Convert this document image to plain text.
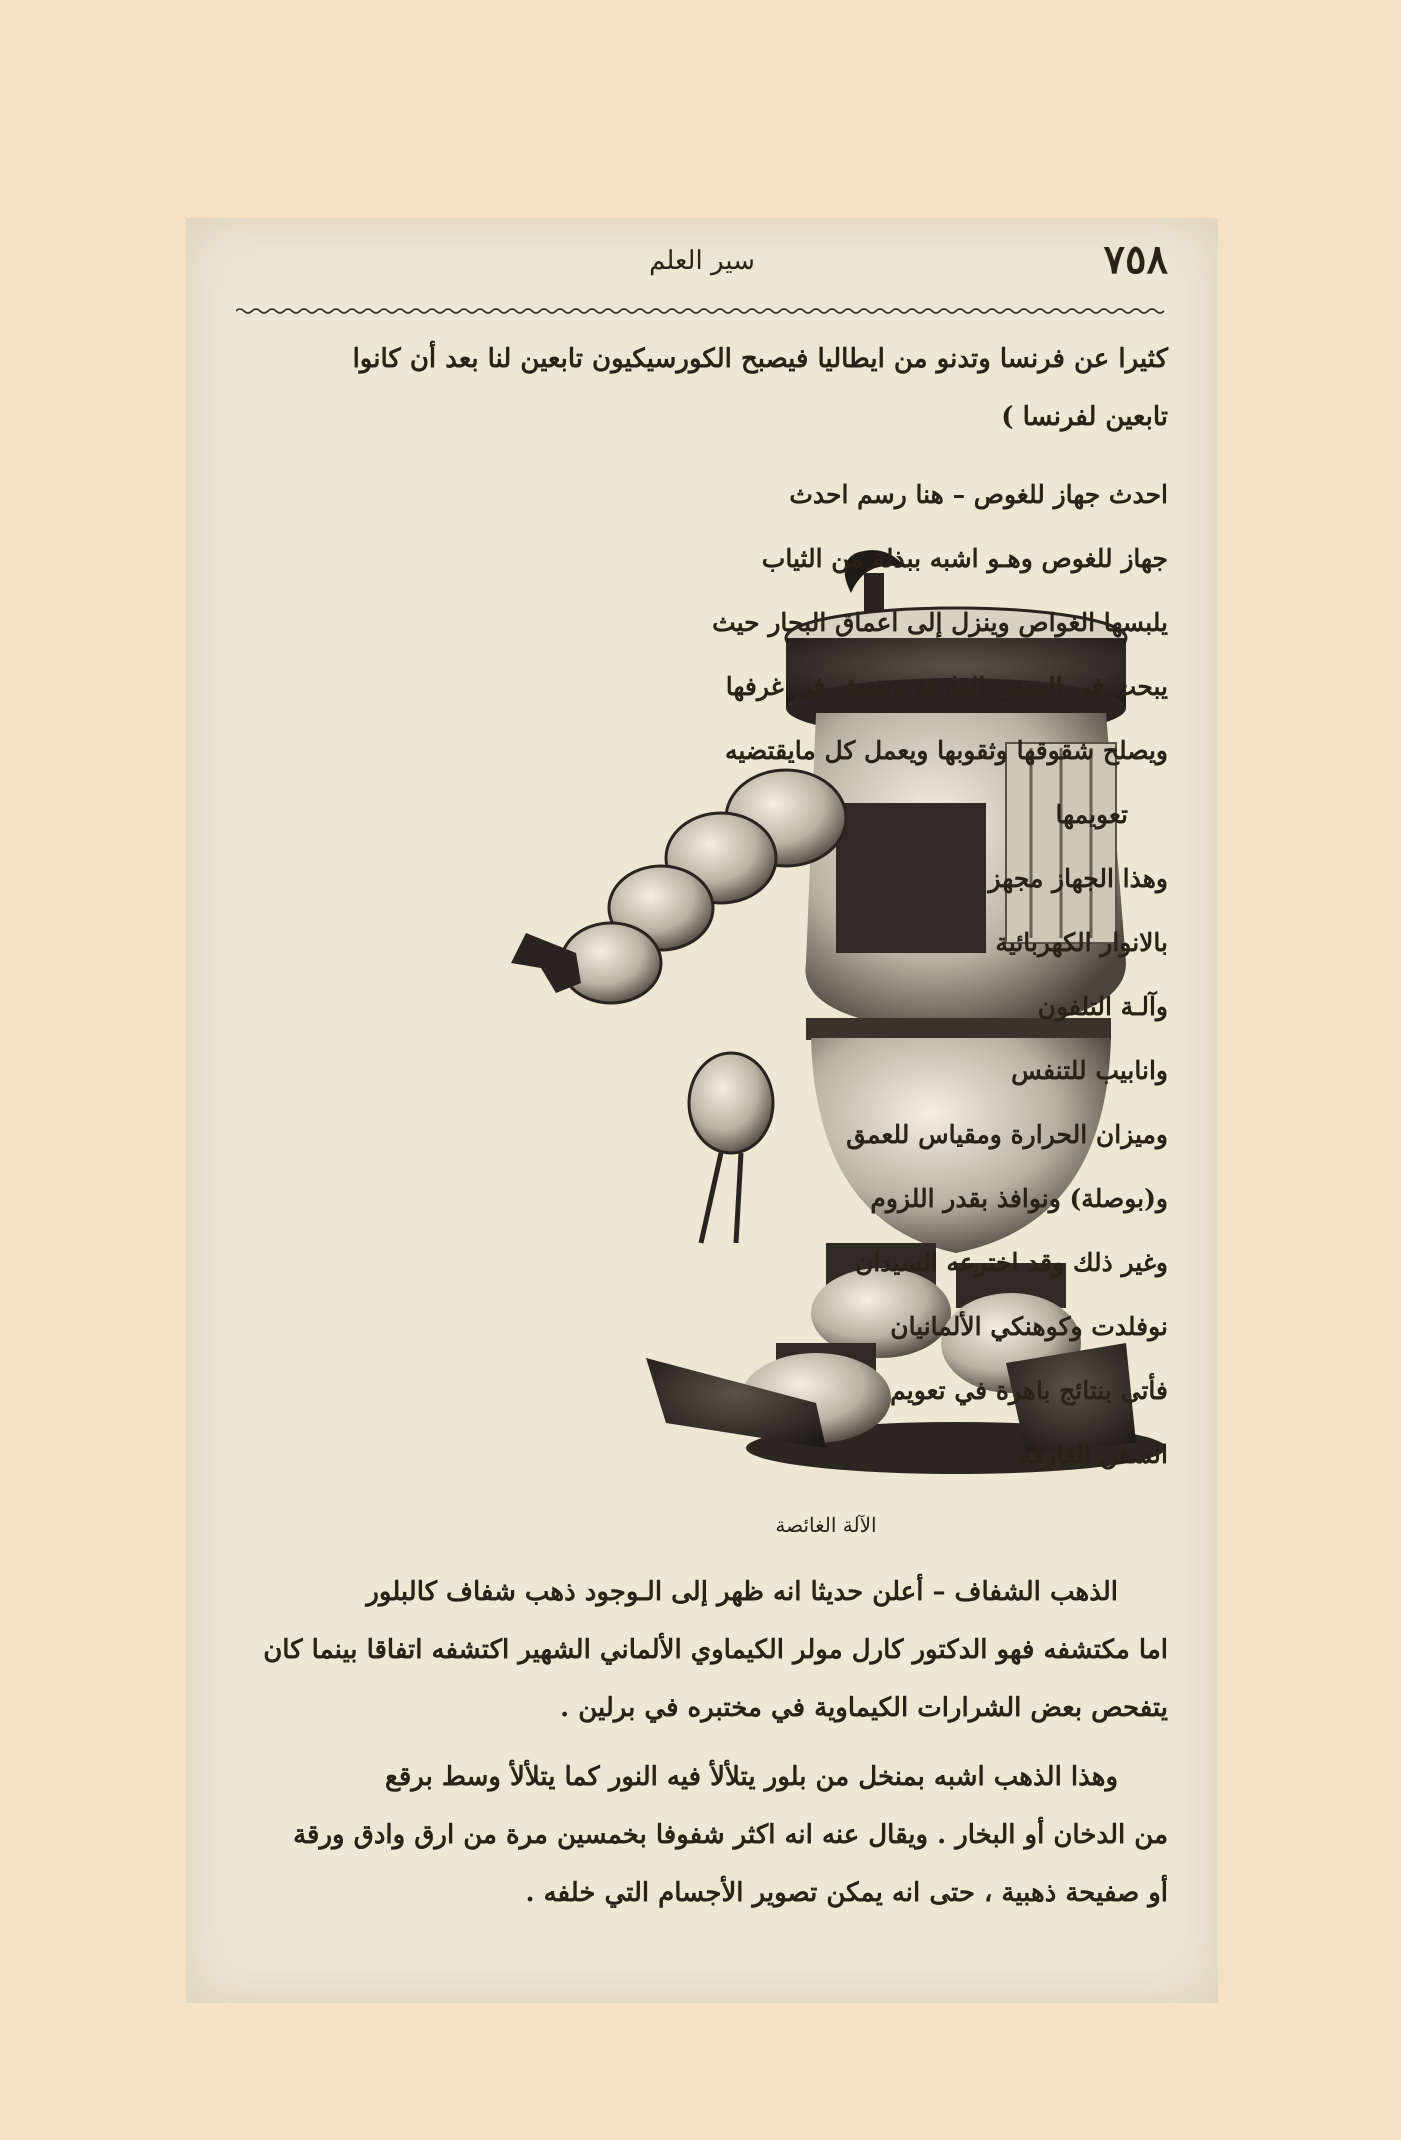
٧٥٨
سير العلم
كثيرا عن فرنسا وتدنو من ايطاليا فيصبح الكورسيكيون تابعين لنا بعد أن كانوا
تابعين لفرنسا )
احدث جهاز للغوص – هنا رسم احدث
جهاز للغوص وهـو اشبه ببذلة من الثياب
يلبسها الغواص وينزل إلى اعماق البحار حيث
يبحث في السفن الغارقة ويفتش في غرفها
ويصلح شقوقها وثقوبها ويعمل كل مايقتضيه
تعويمها
وهذا الجهاز مجهز
بالانوار الكهربائية
وآلـة التلفون
وانابيب للتنفس
وميزان الحرارة ومقياس للعمق
و(بوصلة) ونوافذ بقدر اللزوم
وغير ذلك وقد اخترعه السيدان
نوفلدت وكوهنكي الألمانيان
فأتى بنتائج باهرة في تعويم
السفن الغارقة
الآلة الغائصة
الذهب الشفاف – أعلن حديثا انه ظهر إلى الـوجود ذهب شفاف كالبلور
اما مكتشفه فهو الدكتور كارل مولر الكيماوي الألماني الشهير اكتشفه اتفاقا بينما كان
يتفحص بعض الشرارات الكيماوية في مختبره في برلين .
وهذا الذهب اشبه بمنخل من بلور يتلألأ فيه النور كما يتلألأ وسط برقع
من الدخان أو البخار . ويقال عنه انه اكثر شفوفا بخمسين مرة من ارق وادق ورقة
أو صفيحة ذهبية ، حتى انه يمكن تصوير الأجسام التي خلفه .
